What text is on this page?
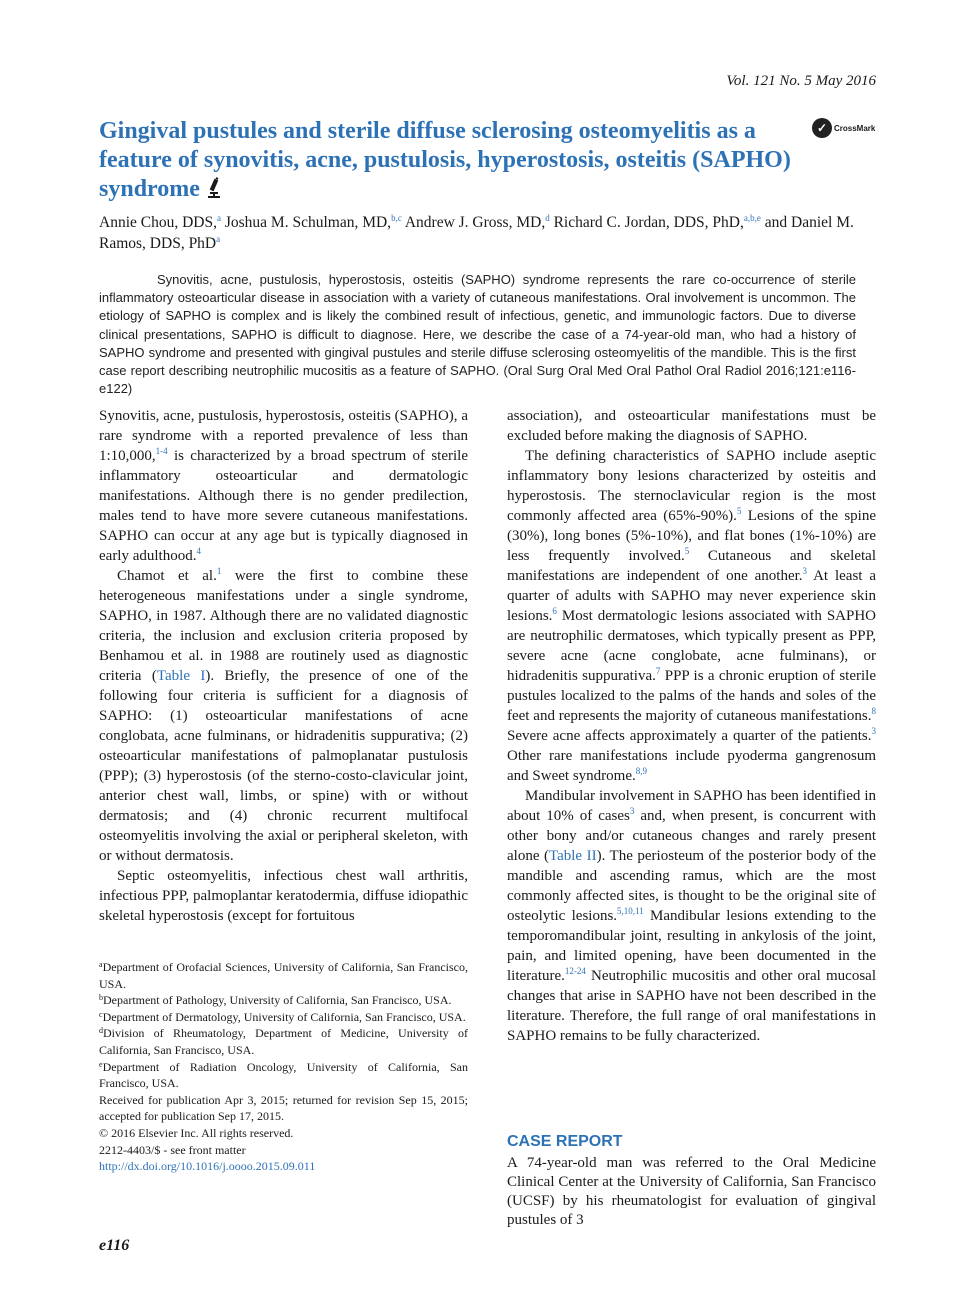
Vol. 121 No. 5 May 2016
Gingival pustules and sterile diffuse sclerosing osteomyelitis as a feature of synovitis, acne, pustulosis, hyperostosis, osteitis (SAPHO) syndrome
✓ CrossMark
Annie Chou, DDS,$^a$ Joshua M. Schulman, MD,$^{b,c}$ Andrew J. Gross, MD,$^d$ Richard C. Jordan, DDS, PhD,$^{a,b,e}$ and Daniel M. Ramos, DDS, PhD$^a$

Synovitis, acne, pustulosis, hyperostosis, osteitis (SAPHO) syndrome represents the rare co-occurrence of sterile inflammatory osteoarticular disease in association with a variety of cutaneous manifestations. Oral involvement is uncommon. The etiology of SAPHO is complex and is likely the combined result of infectious, genetic, and immunologic factors. Due to diverse clinical presentations, SAPHO is difficult to diagnose. Here, we describe the case of a 74-year-old man, who had a history of SAPHO syndrome and presented with gingival pustules and sterile diffuse sclerosing osteomyelitis of the mandible. This is the first case report describing neutrophilic mucositis as a feature of SAPHO. (Oral Surg Oral Med Oral Pathol Oral Radiol 2016;121:e116-e122)

Synovitis, acne, pustulosis, hyperostosis, osteitis (SAPHO), a rare syndrome with a reported prevalence of less than 1:10,000,$^{1-4}$ is characterized by a broad spectrum of sterile inflammatory osteoarticular and dermatologic manifestations. Although there is no gender predilection, males tend to have more severe cutaneous manifestations. SAPHO can occur at any age but is typically diagnosed in early adulthood.$^4$

Chamot et al.$^1$ were the first to combine these heterogeneous manifestations under a single syndrome, SAPHO, in 1987. Although there are no validated diagnostic criteria, the inclusion and exclusion criteria proposed by Benhamou et al. in 1988 are routinely used as diagnostic criteria (Table I). Briefly, the presence of one of the following four criteria is sufficient for a diagnosis of SAPHO: (1) osteoarticular manifestations of acne conglobata, acne fulminans, or hidradenitis suppurativa; (2) osteoarticular manifestations of palmoplanatar pustulosis (PPP); (3) hyperostosis (of the sterno-costo-clavicular joint, anterior chest wall, limbs, or spine) with or without dermatosis; and (4) chronic recurrent multifocal osteomyelitis involving the axial or peripheral skeleton, with or without dermatosis.

Septic osteomyelitis, infectious chest wall arthritis, infectious PPP, palmoplantar keratodermia, diffuse idiopathic skeletal hyperostosis (except for fortuitous

$^a$Department of Orofacial Sciences, University of California, San Francisco, USA.
$^b$Department of Pathology, University of California, San Francisco, USA.
$^c$Department of Dermatology, University of California, San Francisco, USA.
$^d$Division of Rheumatology, Department of Medicine, University of California, San Francisco, USA.
$^e$Department of Radiation Oncology, University of California, San Francisco, USA.
Received for publication Apr 3, 2015; returned for revision Sep 15, 2015; accepted for publication Sep 17, 2015.
© 2016 Elsevier Inc. All rights reserved.
2212-4403/$ - see front matter
http://dx.doi.org/10.1016/j.oooo.2015.09.011

association), and osteoarticular manifestations must be excluded before making the diagnosis of SAPHO.

The defining characteristics of SAPHO include aseptic inflammatory bony lesions characterized by osteitis and hyperostosis. The sternoclavicular region is the most commonly affected area (65%-90%).$^5$ Lesions of the spine (30%), long bones (5%-10%), and flat bones (1%-10%) are less frequently involved.$^5$ Cutaneous and skeletal manifestations are independent of one another.$^3$ At least a quarter of adults with SAPHO may never experience skin lesions.$^6$ Most dermatologic lesions associated with SAPHO are neutrophilic dermatoses, which typically present as PPP, severe acne (acne conglobate, acne fulminans), or hidradenitis suppurativa.$^7$ PPP is a chronic eruption of sterile pustules localized to the palms of the hands and soles of the feet and represents the majority of cutaneous manifestations.$^8$ Severe acne affects approximately a quarter of the patients.$^3$ Other rare manifestations include pyoderma gangrenosum and Sweet syndrome.$^{8,9}$

Mandibular involvement in SAPHO has been identified in about 10% of cases$^3$ and, when present, is concurrent with other bony and/or cutaneous changes and rarely present alone (Table II). The periosteum of the posterior body of the mandible and ascending ramus, which are the most commonly affected sites, is thought to be the original site of osteolytic lesions.$^{5,10,11}$ Mandibular lesions extending to the temporomandibular joint, resulting in ankylosis of the joint, pain, and limited opening, have been documented in the literature.$^{12-24}$ Neutrophilic mucositis and other oral mucosal changes that arise in SAPHO have not been described in the literature. Therefore, the full range of oral manifestations in SAPHO remains to be fully characterized.

CASE REPORT

A 74-year-old man was referred to the Oral Medicine Clinical Center at the University of California, San Francisco (UCSF) by his rheumatologist for evaluation of gingival pustules of 3

e116
